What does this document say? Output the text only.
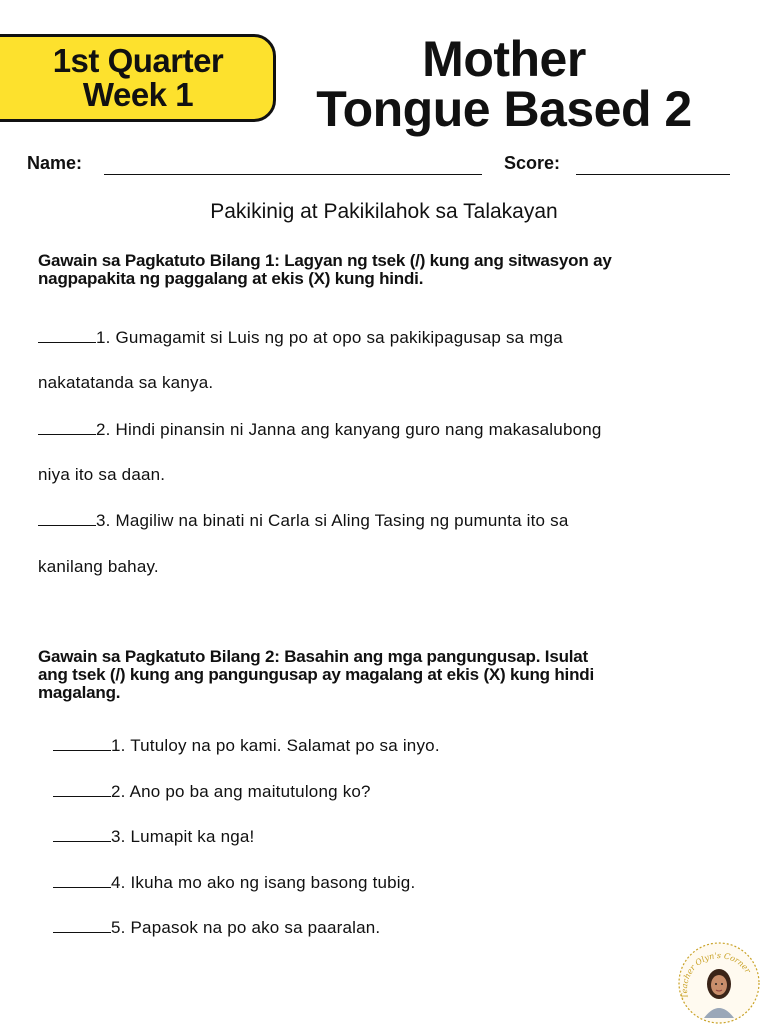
1st Quarter
Week 1
Mother
Tongue Based 2
Name:	Score:
Pakikinig at Pakikilahok sa Talakayan
Gawain sa Pagkatuto Bilang 1: Lagyan ng tsek (/) kung ang sitwasyon ay
nagpapakita ng paggalang at ekis (X) kung hindi.
1. Gumagamit si Luis ng po at opo sa pakikipagusap sa mga
nakatatanda sa kanya.
2. Hindi pinansin ni Janna ang kanyang guro nang makasalubong
niya ito sa daan.
3. Magiliw na binati ni Carla si Aling Tasing ng pumunta ito sa
kanilang bahay.
Gawain sa Pagkatuto Bilang 2: Basahin ang mga pangungusap. Isulat
ang tsek (/) kung ang pangungusap ay magalang at ekis (X) kung hindi
magalang.
1. Tutuloy na po kami. Salamat po sa inyo.
2. Ano po ba ang maitutulong ko?
3. Lumapit ka nga!
4. Ikuha mo ako ng isang basong tubig.
5. Papasok na po ako sa paaralan.
Teacher Olyn's Corner
